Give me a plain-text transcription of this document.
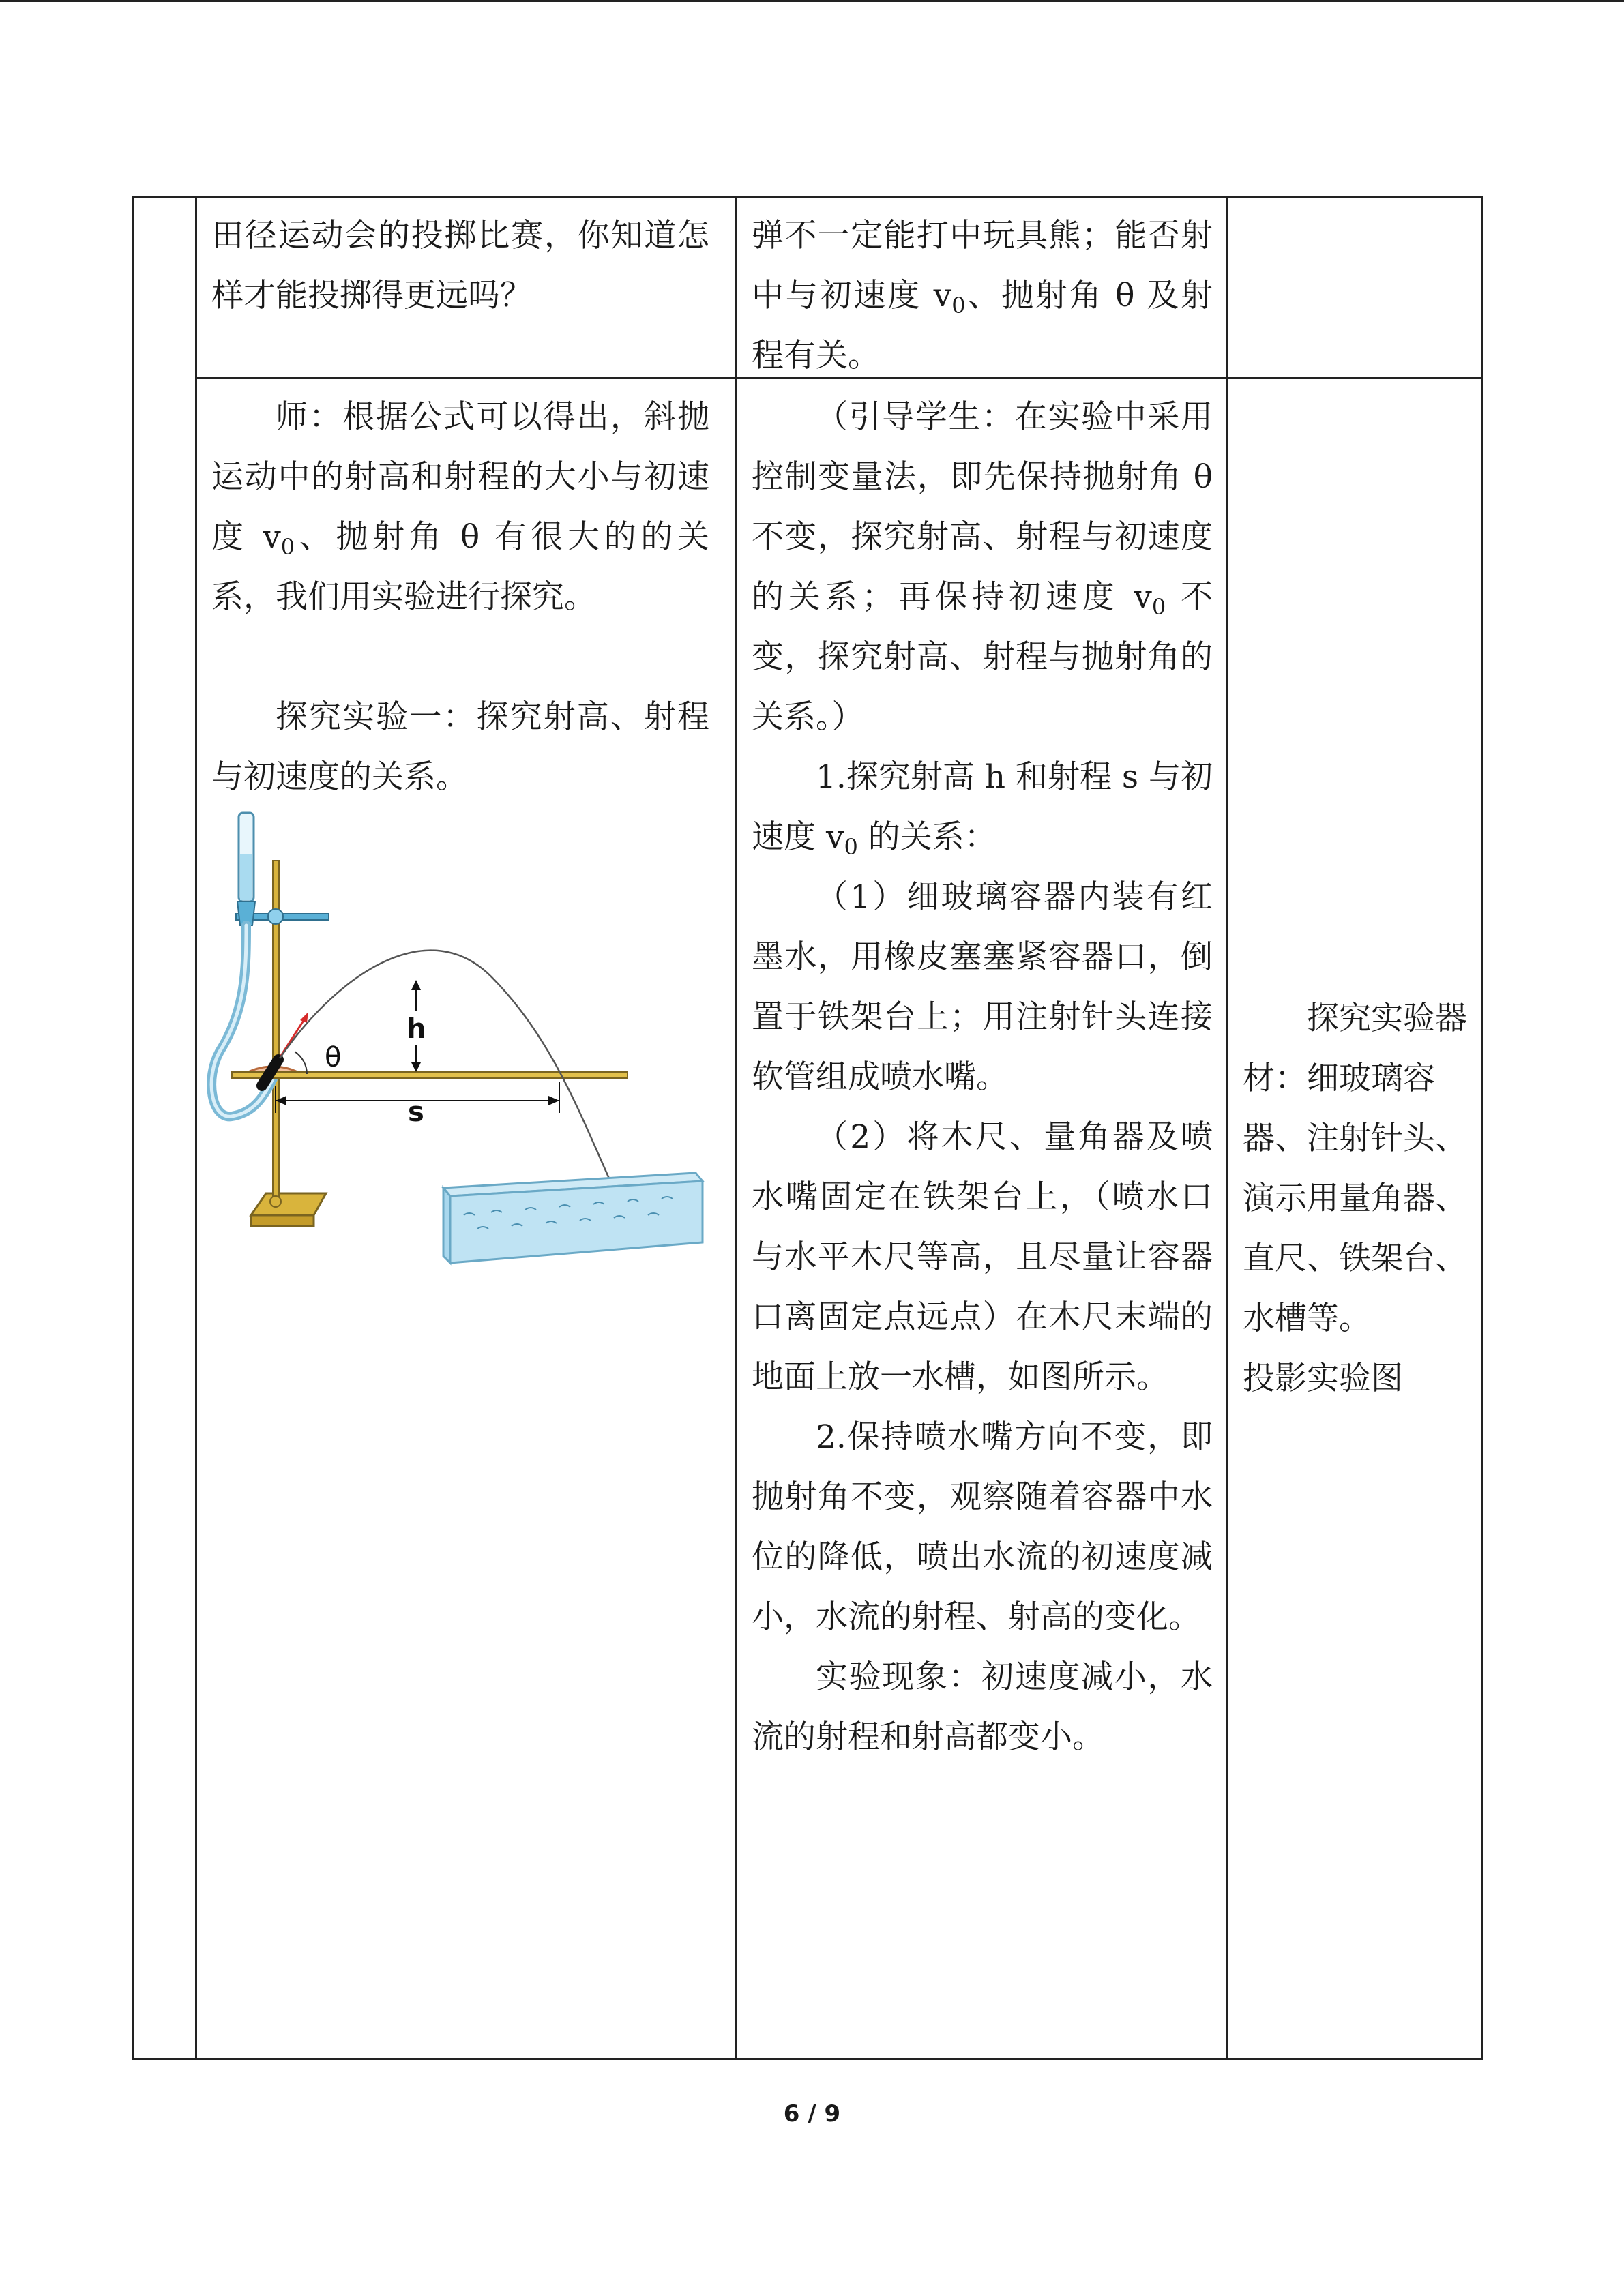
田径运动会的投掷比赛，你知道怎样才能投掷得更远吗？

弹不一定能打中玩具熊；能否射中与初速度 $v_0$、抛射角 θ 及射程有关。

师：根据公式可以得出，斜抛运动中的射高和射程的大小与初速度 $v_0$、抛射角 θ 有很大的的关系，我们用实验进行探究。

探究实验一：探究射高、射程与初速度的关系。

θ
h
s

（引导学生：在实验中采用控制变量法，即先保持抛射角 θ 不变，探究射高、射程与初速度的关系；再保持初速度 $v_0$ 不变，探究射高、射程与抛射角的关系。）

1.探究射高 h 和射程 s 与初速度 $v_0$ 的关系：

（1）细玻璃容器内装有红墨水，用橡皮塞塞紧容器口，倒置于铁架台上；用注射针头连接软管组成喷水嘴。

（2）将木尺、量角器及喷水嘴固定在铁架台上，（喷水口与水平木尺等高，且尽量让容器口离固定点远点）在木尺末端的地面上放一水槽，如图所示。

2.保持喷水嘴方向不变，即抛射角不变，观察随着容器中水位的降低，喷出水流的初速度减小，水流的射程、射高的变化。

实验现象：初速度减小，水流的射程和射高都变小。

探究实验器材：细玻璃容器、注射针头、演示用量角器、直尺、铁架台、水槽等。

投影实验图

6 / 9
